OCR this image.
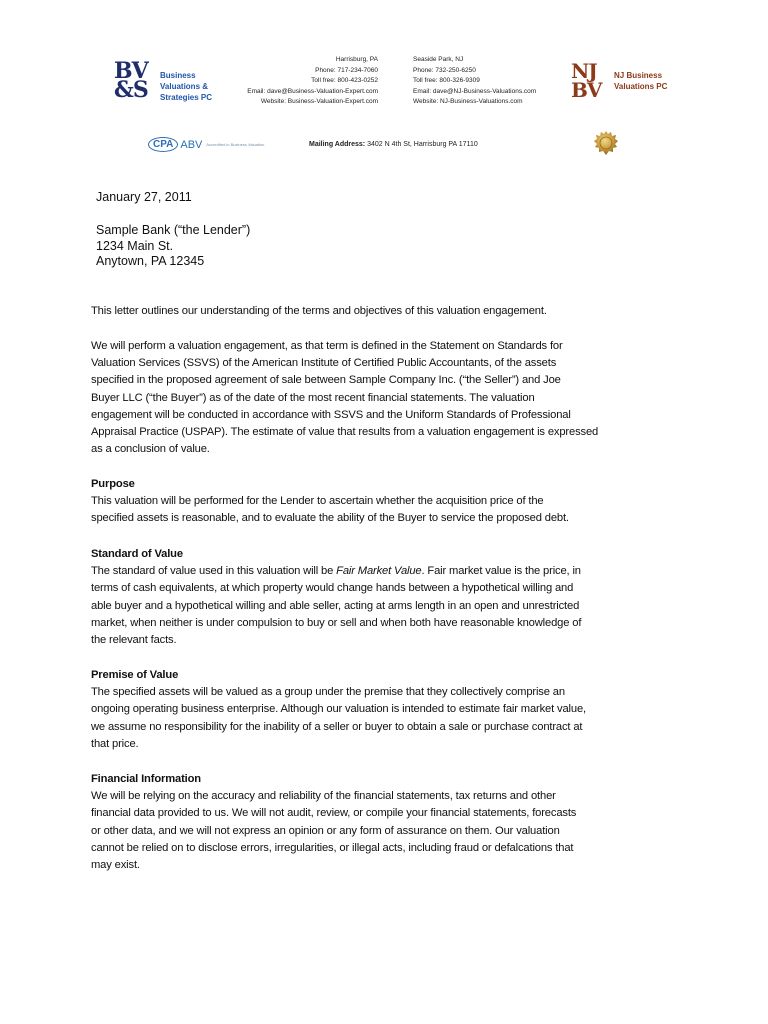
BV
&S
Business
Valuations &
Strategies PC
Harrisburg, PA
Phone: 717-234-7060
Toll free: 800-423-0252
Email: dave@Business-Valuation-Expert.com
Website: Business-Valuation-Expert.com
Seaside Park, NJ
Phone: 732-250-6250
Toll free: 800-326-9309
Email: dave@NJ-Business-Valuations.com
Website: NJ-Business-Valuations.com
NJ
BV
NJ Business
Valuations PC
CPA ABV Accredited in Business Valuation	Mailing Address: 3402 N 4th St, Harrisburg PA 17110
January 27, 2011
Sample Bank (“the Lender”)
1234 Main St.
Anytown, PA 12345
This letter outlines our understanding of the terms and objectives of this valuation engagement.
We will perform a valuation engagement, as that term is defined in the Statement on Standards for
Valuation Services (SSVS) of the American Institute of Certified Public Accountants, of the assets
specified in the proposed agreement of sale between Sample Company Inc. (“the Seller”) and Joe
Buyer LLC (“the Buyer”) as of the date of the most recent financial statements. The valuation
engagement will be conducted in accordance with SSVS and the Uniform Standards of Professional
Appraisal Practice (USPAP). The estimate of value that results from a valuation engagement is expressed
as a conclusion of value.
Purpose
This valuation will be performed for the Lender to ascertain whether the acquisition price of the
specified assets is reasonable, and to evaluate the ability of the Buyer to service the proposed debt.
Standard of Value
The standard of value used in this valuation will be Fair Market Value. Fair market value is the price, in
terms of cash equivalents, at which property would change hands between a hypothetical willing and
able buyer and a hypothetical willing and able seller, acting at arms length in an open and unrestricted
market, when neither is under compulsion to buy or sell and when both have reasonable knowledge of
the relevant facts.
Premise of Value
The specified assets will be valued as a group under the premise that they collectively comprise an
ongoing operating business enterprise. Although our valuation is intended to estimate fair market value,
we assume no responsibility for the inability of a seller or buyer to obtain a sale or purchase contract at
that price.
Financial Information
We will be relying on the accuracy and reliability of the financial statements, tax returns and other
financial data provided to us. We will not audit, review, or compile your financial statements, forecasts
or other data, and we will not express an opinion or any form of assurance on them. Our valuation
cannot be relied on to disclose errors, irregularities, or illegal acts, including fraud or defalcations that
may exist.
